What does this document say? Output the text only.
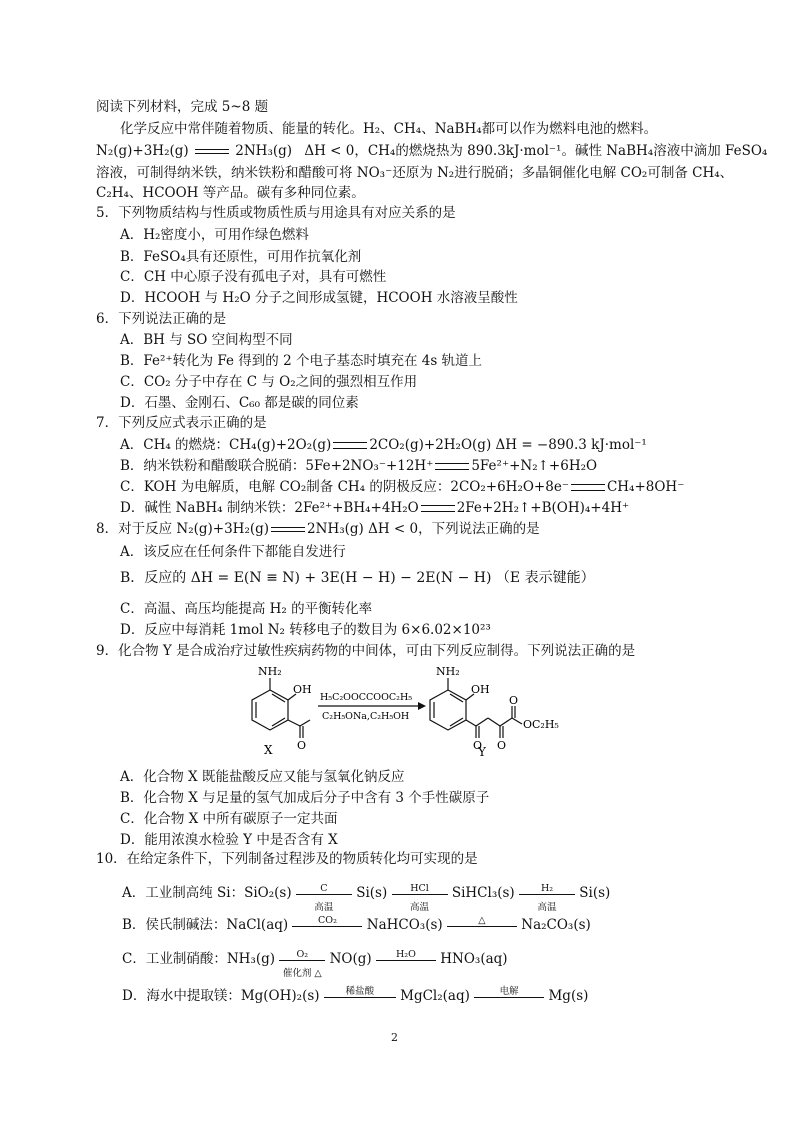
阅读下列材料，完成 5~8 题
化学反应中常伴随着物质、能量的转化。H₂、CH₄、NaBH₄都可以作为燃料电池的燃料。
N₂(g)+3H₂(g)	2NH₃(g) ΔH < 0，CH₄的燃烧热为 890.3kJ·mol⁻¹。碱性 NaBH₄溶液中滴加 FeSO₄
溶液，可制得纳米铁，纳米铁粉和醋酸可将 NO₃⁻还原为 N₂进行脱硝；多晶铜催化电解 CO₂可制备 CH₄、
C₂H₄、HCOOH 等产品。碳有多种同位素。
5．下列物质结构与性质或物质性质与用途具有对应关系的是
A．H₂密度小，可用作绿色燃料
B．FeSO₄具有还原性，可用作抗氧化剂
C．CH 中心原子没有孤电子对，具有可燃性
D．HCOOH 与 H₂O 分子之间形成氢键，HCOOH 水溶液呈酸性
6．下列说法正确的是
A．BH 与 SO 空间构型不同
B．Fe²⁺转化为 Fe 得到的 2 个电子基态时填充在 4s 轨道上
C．CO₂ 分子中存在 C 与 O₂之间的强烈相互作用
D．石墨、金刚石、C₆₀ 都是碳的同位素
7．下列反应式表示正确的是
A．CH₄ 的燃烧：CH₄(g)+2O₂(g)	2CO₂(g)+2H₂O(g) ΔH = −890.3 kJ·mol⁻¹
B．纳米铁粉和醋酸联合脱硝：5Fe+2NO₃⁻+12H⁺	5Fe²⁺+N₂↑+6H₂O
C．KOH 为电解质，电解 CO₂制备 CH₄ 的阴极反应：2CO₂+6H₂O+8e⁻	CH₄+8OH⁻
D．碱性 NaBH₄ 制纳米铁：2Fe²⁺+BH₄+4H₂O	2Fe+2H₂↑+B(OH)₄+4H⁺
8．对于反应 N₂(g)+3H₂(g)	2NH₃(g) ΔH < 0，下列说法正确的是
A．该反应在任何条件下都能自发进行
B．反应的 ΔH = E(N ≡ N) + 3E(H − H) − 2E(N − H) （E 表示键能）
C．高温、高压均能提高 H₂ 的平衡转化率
D．反应中每消耗 1mol N₂ 转移电子的数目为 6×6.02×10²³
9．化合物 Y 是合成治疗过敏性疾病药物的中间体，可由下列反应制得。下列说法正确的是
NH₂
OH
O
X
H₅C₂OOCCOOC₂H₅
C₂H₅ONa,C₂H₅OH
NH₂
OH
O O
O
OC₂H₅
Y
A．化合物 X 既能盐酸反应又能与氢氧化钠反应
B．化合物 X 与足量的氢气加成后分子中含有 3 个手性碳原子
C．化合物 X 中所有碳原子一定共面
D．能用浓溴水检验 Y 中是否含有 X
10．在给定条件下，下列制备过程涉及的物质转化均可实现的是
A．工业制高纯 Si：SiO₂(s)	C
高温
Si(s)	HCl
高温
SiHCl₃(s)	H₂
高温
Si(s)
B．侯氏制碱法：NaCl(aq)	CO₂	NaHCO₃(s)	△	Na₂CO₃(s)
C．工业制硝酸：NH₃(g)	O₂
催化剂 △
NO(g)	H₂O	HNO₃(aq)
D．海水中提取镁：Mg(OH)₂(s)	稀盐酸	MgCl₂(aq)	电解	Mg(s)
2
